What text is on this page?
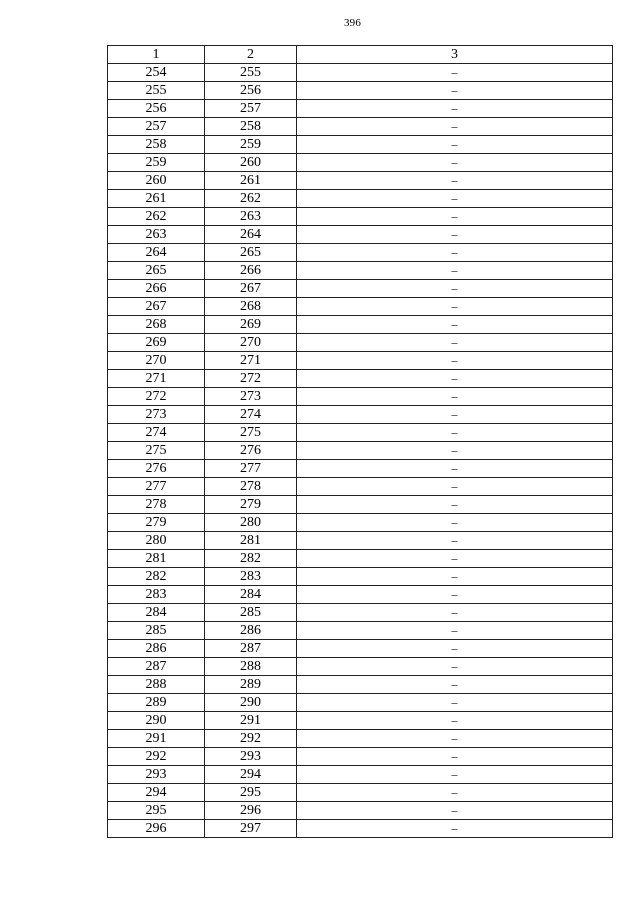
396
1	2	3
254	255	–
255	256	–
256	257	–
257	258	–
258	259	–
259	260	–
260	261	–
261	262	–
262	263	–
263	264	–
264	265	–
265	266	–
266	267	–
267	268	–
268	269	–
269	270	–
270	271	–
271	272	–
272	273	–
273	274	–
274	275	–
275	276	–
276	277	–
277	278	–
278	279	–
279	280	–
280	281	–
281	282	–
282	283	–
283	284	–
284	285	–
285	286	–
286	287	–
287	288	–
288	289	–
289	290	–
290	291	–
291	292	–
292	293	–
293	294	–
294	295	–
295	296	–
296	297	–
